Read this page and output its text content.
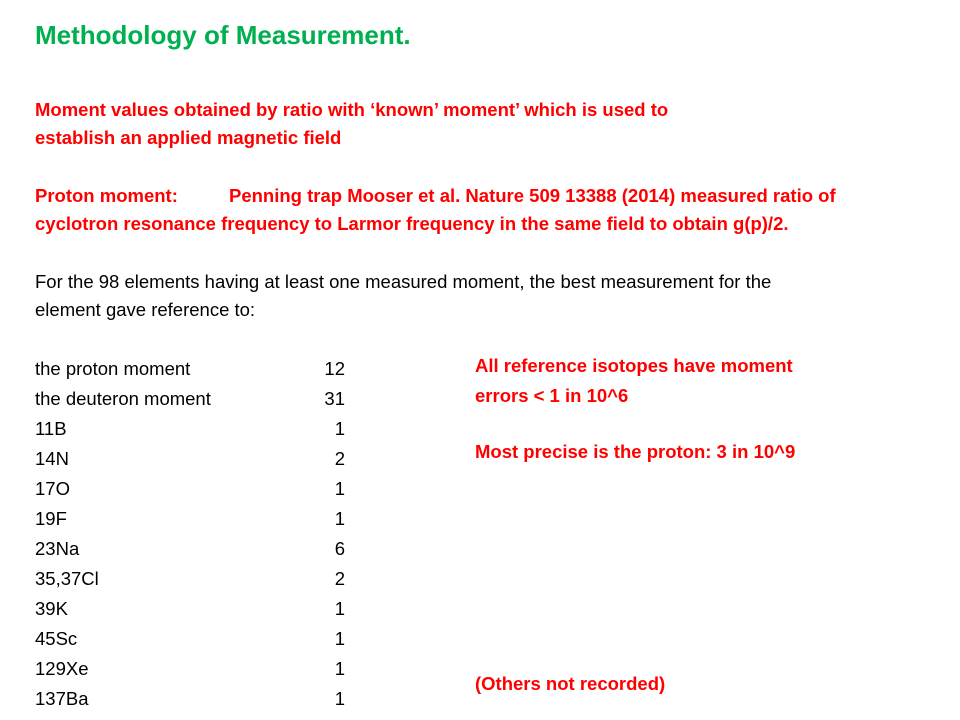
Methodology of Measurement.
Moment values obtained by ratio with ‘known’ moment’ which is used to
establish an applied magnetic field
Proton moment:	Penning trap Mooser et al. Nature 509 13388 (2014) measured ratio of
cyclotron resonance frequency to Larmor frequency in the same field to obtain g(p)/2.
For the 98 elements having at least one measured moment, the best measurement for the
element gave reference to:
the proton moment	12
the deuteron moment	31
11B	1
14N	2
17O	1
19F	1
23Na	6
35,37Cl	2
39K	1
45Sc	1
129Xe	1
137Ba	1
All reference isotopes have moment
errors < 1 in 10^6
Most precise is the proton: 3 in 10^9
(Others not recorded)
